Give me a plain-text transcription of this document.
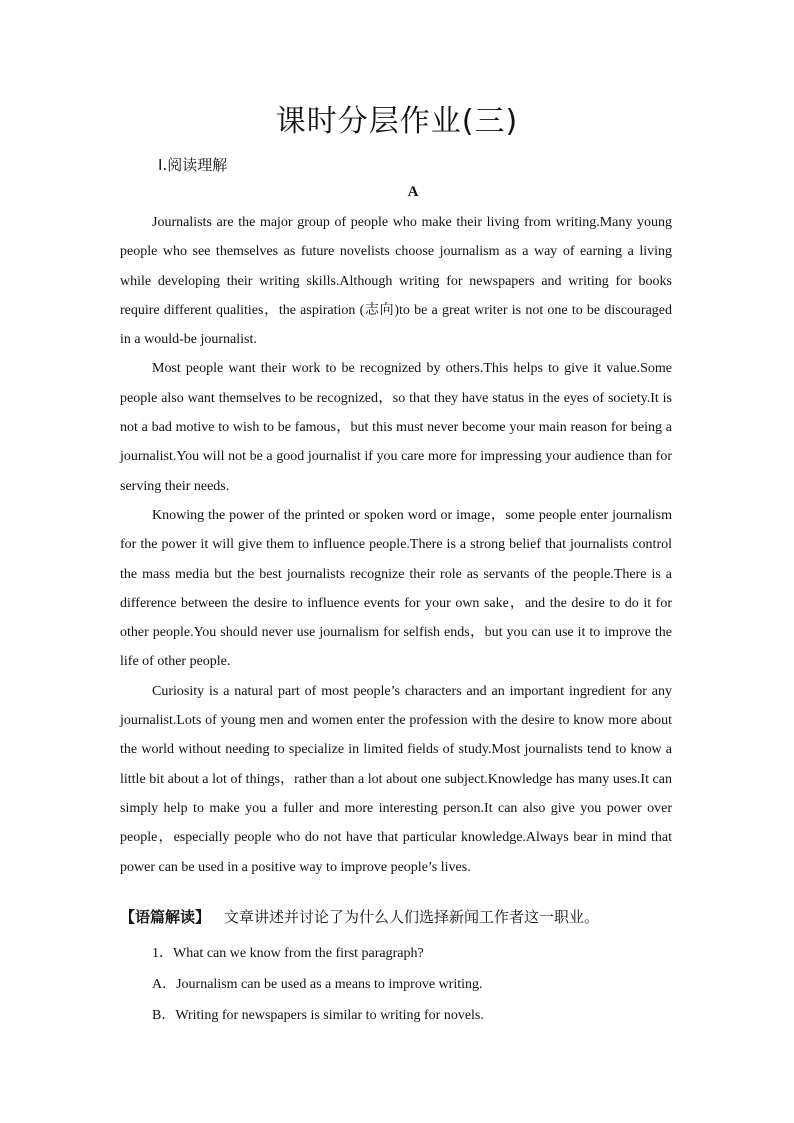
课时分层作业(三)
Ⅰ.阅读理解
A

Journalists are the major group of people who make their living from writing.Many young people who see themselves as future novelists choose journalism as a way of earning a living while developing their writing skills.Although writing for newspapers and writing for books require different qualities，the aspiration (志向)to be a great writer is not one to be discouraged in a would-be journalist.

Most people want their work to be recognized by others.This helps to give it value.Some people also want themselves to be recognized，so that they have status in the eyes of society.It is not a bad motive to wish to be famous，but this must never become your main reason for being a journalist.You will not be a good journalist if you care more for impressing your audience than for serving their needs.

Knowing the power of the printed or spoken word or image，some people enter journalism for the power it will give them to influence people.There is a strong belief that journalists control the mass media but the best journalists recognize their role as servants of the people.There is a difference between the desire to influence events for your own sake，and the desire to do it for other people.You should never use journalism for selfish ends，but you can use it to improve the life of other people.

Curiosity is a natural part of most people’s characters and an important ingredient for any journalist.Lots of young men and women enter the profession with the desire to know more about the world without needing to specialize in limited fields of study.Most journalists tend to know a little bit about a lot of things，rather than a lot about one subject.Knowledge has many uses.It can simply help to make you a fuller and more interesting person.It can also give you power over people，especially people who do not have that particular knowledge.Always bear in mind that power can be used in a positive way to improve people’s lives.

【语篇解读】 文章讲述并讨论了为什么人们选择新闻工作者这一职业。
1．What can we know from the first paragraph?
A．Journalism can be used as a means to improve writing.
B．Writing for newspapers is similar to writing for novels.
